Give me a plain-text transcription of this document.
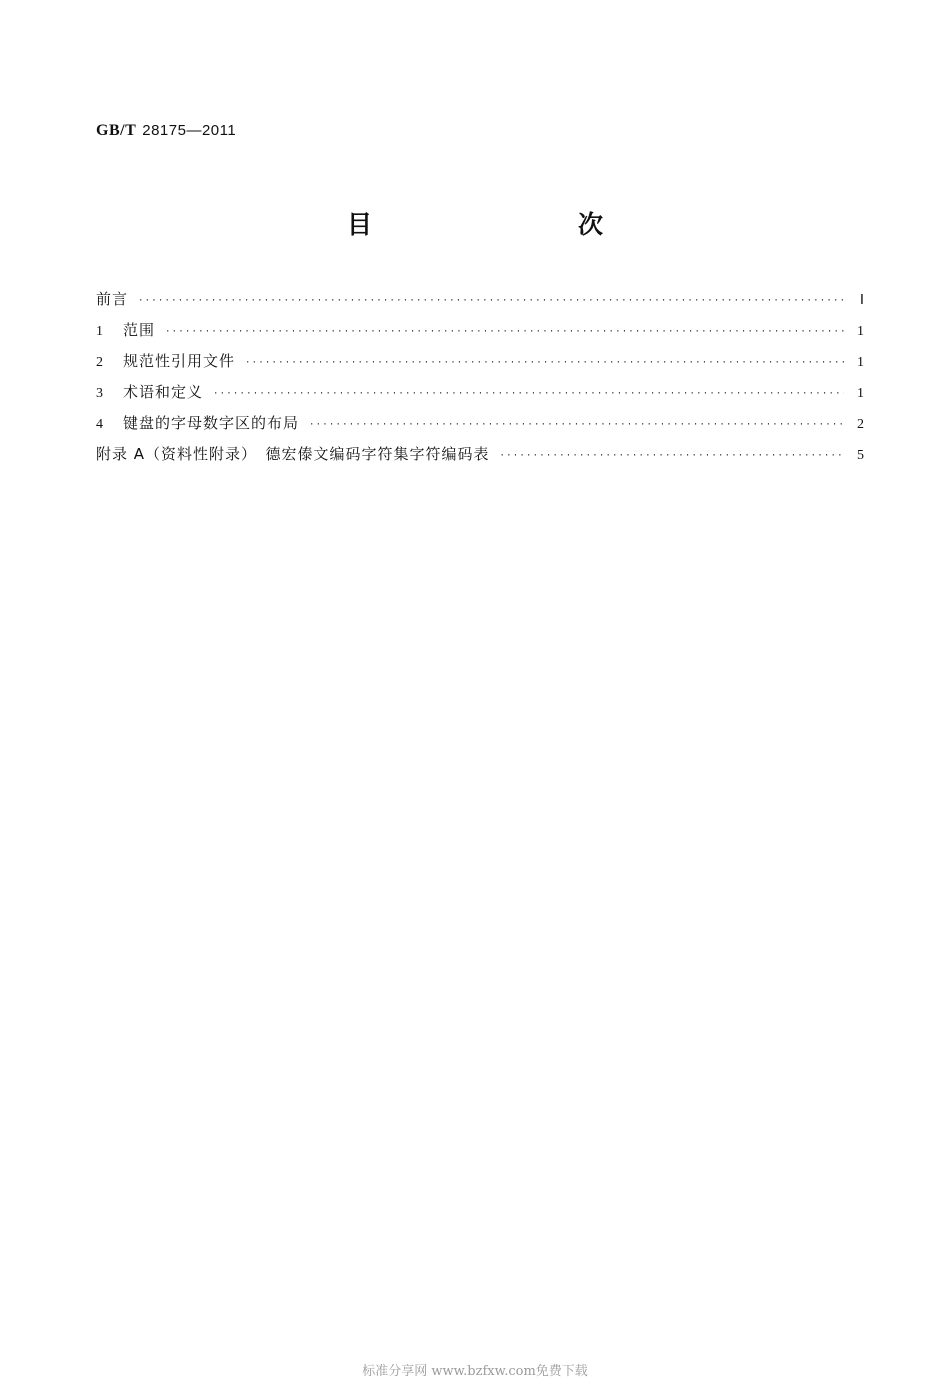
GB/T 28175—2011
目　　次
前言 ·····	Ⅰ
1	范围 ·····	1
2	规范性引用文件 ·····	1
3	术语和定义 ·····	1
4	键盘的字母数字区的布局 ·····	2
附录 A（资料性附录）　德宏傣文编码字符集字符编码表 ·····	5
标准分享网 www.bzfxw.com免费下载
